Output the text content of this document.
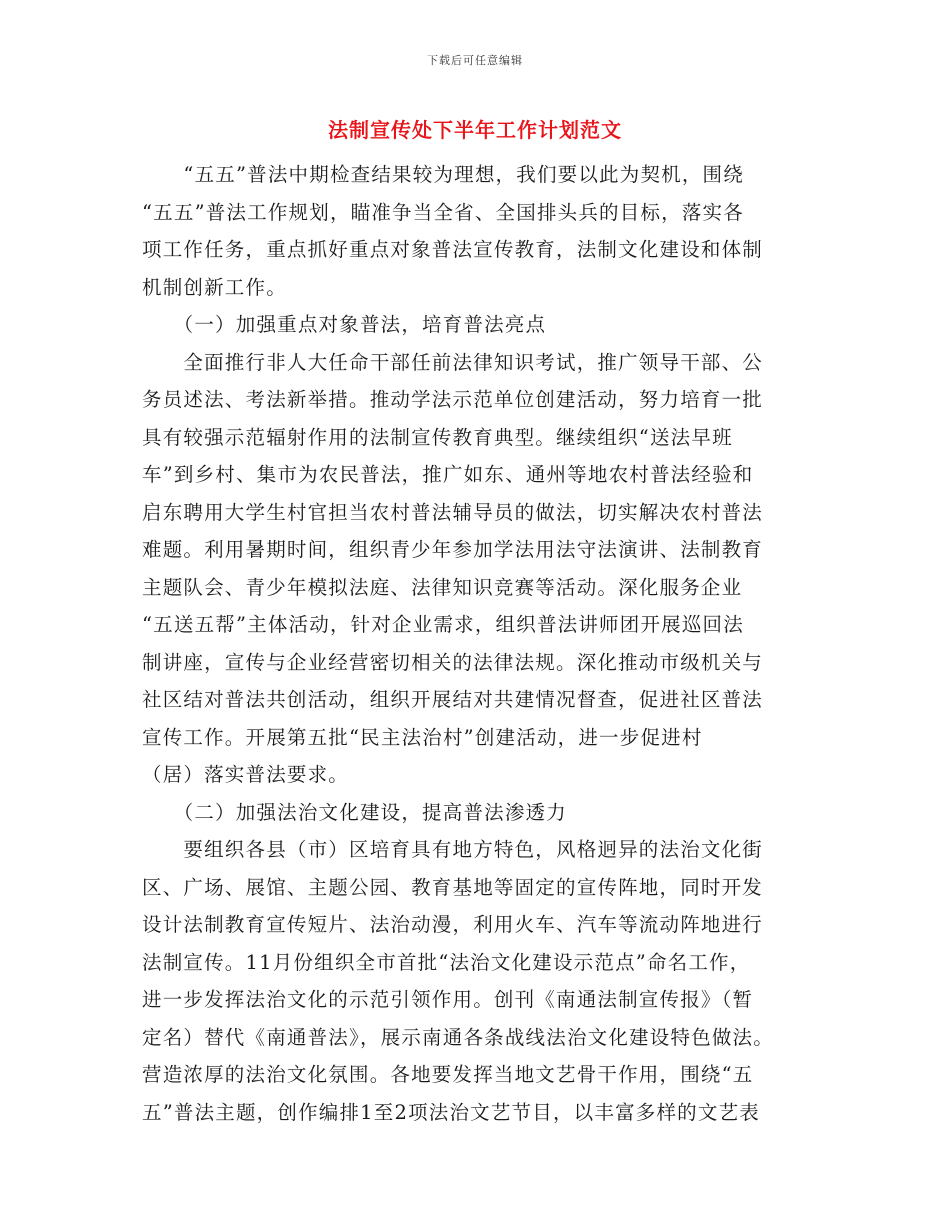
下载后可任意编辑
法制宣传处下半年工作计划范文
　　“五五”普法中期检查结果较为理想，我们要以此为契机，围绕
“五五”普法工作规划，瞄准争当全省、全国排头兵的目标，落实各
项工作任务，重点抓好重点对象普法宣传教育，法制文化建设和体制
机制创新工作。
　　（一）加强重点对象普法，培育普法亮点
　　全面推行非人大任命干部任前法律知识考试，推广领导干部、公
务员述法、考法新举措。推动学法示范单位创建活动，努力培育一批
具有较强示范辐射作用的法制宣传教育典型。继续组织“送法早班
车”到乡村、集市为农民普法，推广如东、通州等地农村普法经验和
启东聘用大学生村官担当农村普法辅导员的做法，切实解决农村普法
难题。利用暑期时间，组织青少年参加学法用法守法演讲、法制教育
主题队会、青少年模拟法庭、法律知识竞赛等活动。深化服务企业
“五送五帮”主体活动，针对企业需求，组织普法讲师团开展巡回法
制讲座，宣传与企业经营密切相关的法律法规。深化推动市级机关与
社区结对普法共创活动，组织开展结对共建情况督查，促进社区普法
宣传工作。开展第五批“民主法治村”创建活动，进一步促进村
（居）落实普法要求。
　　（二）加强法治文化建设，提高普法渗透力
　　要组织各县（市）区培育具有地方特色，风格迥异的法治文化街
区、广场、展馆、主题公园、教育基地等固定的宣传阵地，同时开发
设计法制教育宣传短片、法治动漫，利用火车、汽车等流动阵地进行
法制宣传。11月份组织全市首批“法治文化建设示范点”命名工作，
进一步发挥法治文化的示范引领作用。创刊《南通法制宣传报》（暂
定名）替代《南通普法》，展示南通各条战线法治文化建设特色做法。
营造浓厚的法治文化氛围。各地要发挥当地文艺骨干作用，围绕“五
五”普法主题，创作编排1至2项法治文艺节目，以丰富多样的文艺表
